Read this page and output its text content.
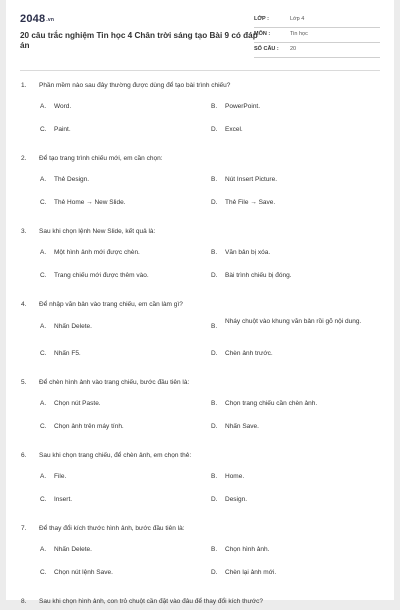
2048.vn
20 câu trắc nghiệm Tin học 4 Chân trời sáng tạo Bài 9 có đáp án
LỚP :	Lớp 4
MÔN :	Tin học
SỐ CÂU : 20
1. Phần mềm nào sau đây thường được dùng để tạo bài trình chiếu?
A. Word.	B. PowerPoint.
C. Paint.	D. Excel.
2. Để tạo trang trình chiếu mới, em cần chọn:
A. Thẻ Design.	B. Nút Insert Picture.
C. Thẻ Home → New Slide.	D. Thẻ File → Save.
3. Sau khi chọn lệnh New Slide, kết quả là:
A. Một hình ảnh mới được chèn.	B. Văn bản bị xóa.
C. Trang chiếu mới được thêm vào.	D. Bài trình chiếu bị đóng.
4. Để nhập văn bản vào trang chiếu, em cần làm gì?
A. Nhấn Delete.	B.
Nháy chuột vào khung văn bản rồi gõ nội dung.
C. Nhấn F5.	D. Chèn ảnh trước.
5. Để chèn hình ảnh vào trang chiếu, bước đầu tiên là:
A. Chọn nút Paste.	B. Chọn trang chiếu cần chèn ảnh.
C. Chọn ảnh trên máy tính.	D. Nhấn Save.
6. Sau khi chọn trang chiếu, để chèn ảnh, em chọn thẻ:
A. File.	B. Home.
C. Insert.	D. Design.
7. Để thay đổi kích thước hình ảnh, bước đầu tiên là:
A. Nhấn Delete.	B. Chọn hình ảnh.
C. Chọn nút lệnh Save.	D. Chèn lại ảnh mới.
8. Sau khi chọn hình ảnh, con trỏ chuột cần đặt vào đâu để thay đổi kích thước?
